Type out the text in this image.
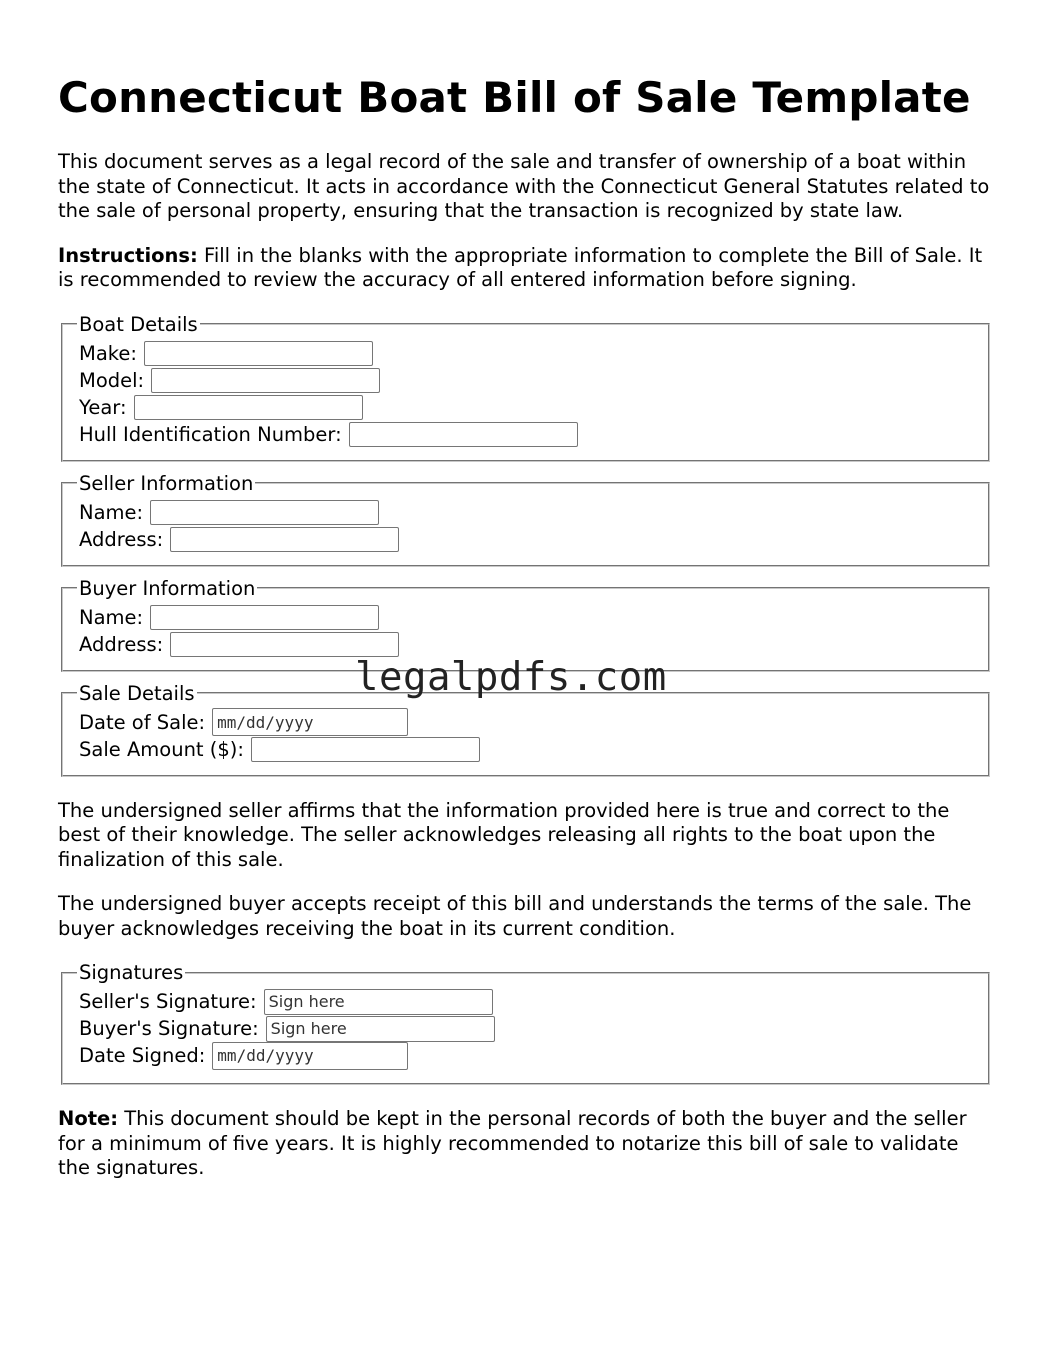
Connecticut Boat Bill of Sale Template

This document serves as a legal record of the sale and transfer of ownership of a boat within the state of Connecticut. It acts in accordance with the Connecticut General Statutes related to the sale of personal property, ensuring that the transaction is recognized by state law.

Instructions: Fill in the blanks with the appropriate information to complete the Bill of Sale. It is recommended to review the accuracy of all entered information before signing.

Boat Details
Make:
Model:
Year:
Hull Identification Number:
Seller Information
Name:
Address:
Buyer Information
Name:
Address:
Sale Details
Date of Sale:
mm/dd/yyyy
Sale Amount ($):

The undersigned seller affirms that the information provided here is true and correct to the best of their knowledge. The seller acknowledges releasing all rights to the boat upon the finalization of this sale.

The undersigned buyer accepts receipt of this bill and understands the terms of the sale. The buyer acknowledges receiving the boat in its current condition.

Signatures
Seller's Signature:
Sign here
Buyer's Signature:
Sign here
Date Signed:
mm/dd/yyyy

Note: This document should be kept in the personal records of both the buyer and the seller for a minimum of five years. It is highly recommended to notarize this bill of sale to validate the signatures.

legalpdfs.com
